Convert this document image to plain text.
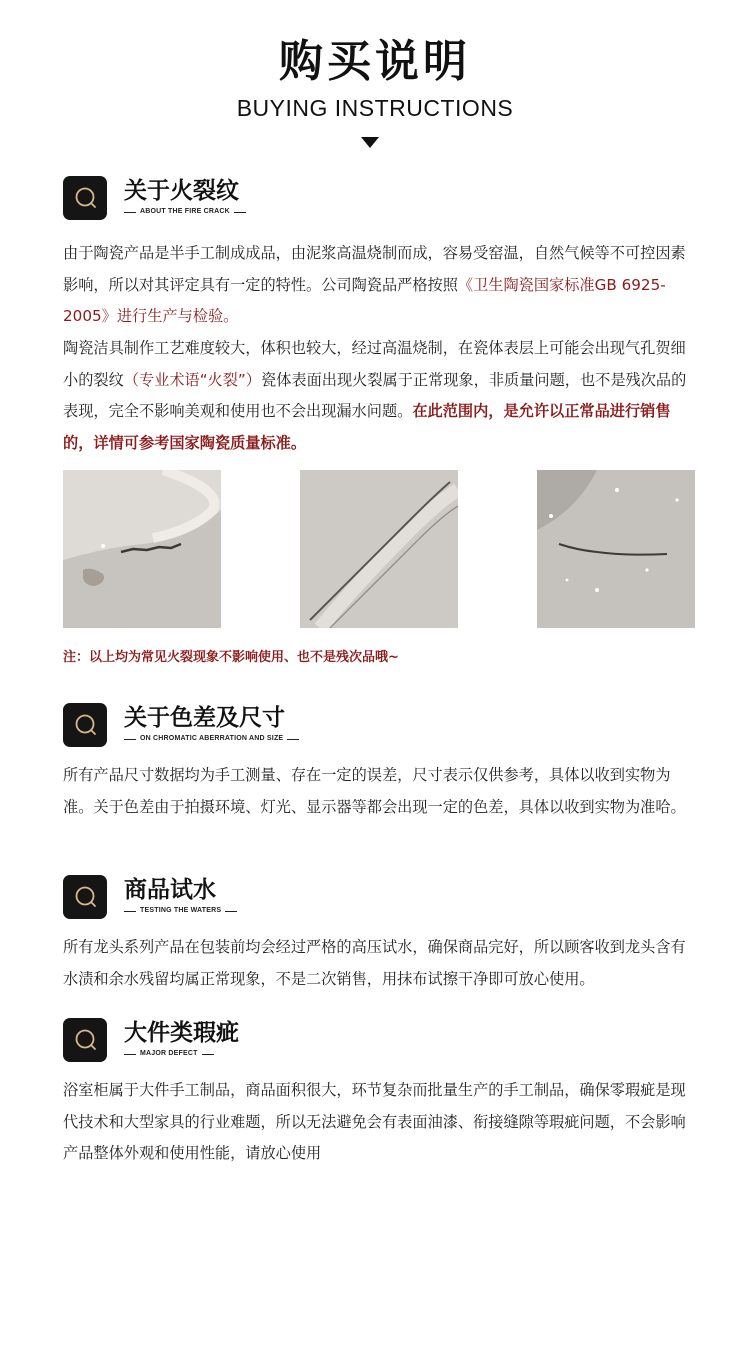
购买说明
BUYING INSTRUCTIONS
关于火裂纹
ABOUT THE FIRE CRACK
由于陶瓷产品是半手工制成成品，由泥浆高温烧制而成，容易受窑温，自然气候等不可控因素影响，所以对其评定具有一定的特性。公司陶瓷品严格按照《卫生陶瓷国家标准GB 6925-2005》进行生产与检验。
陶瓷洁具制作工艺难度较大，体积也较大，经过高温烧制，在瓷体表层上可能会出现气孔贺细小的裂纹（专业术语“火裂”）瓷体表面出现火裂属于正常现象，非质量问题，也不是残次品的表现，完全不影响美观和使用也不会出现漏水问题。在此范围内，是允许以正常品进行销售的，详情可参考国家陶瓷质量标准。
注：以上均为常见火裂现象不影响使用、也不是残次品哦~
关于色差及尺寸
ON CHROMATIC ABERRATION AND SIZE
所有产品尺寸数据均为手工测量、存在一定的误差，尺寸表示仅供参考，具体以收到实物为准。关于色差由于拍摄环境、灯光、显示器等都会出现一定的色差，具体以收到实物为准哈。
商品试水
TESTING THE WATERS
所有龙头系列产品在包装前均会经过严格的高压试水，确保商品完好，所以顾客收到龙头含有水渍和余水残留均属正常现象，不是二次销售，用抹布试擦干净即可放心使用。
大件类瑕疵
MAJOR DEFECT
浴室柜属于大件手工制品，商品面积很大，环节复杂而批量生产的手工制品，确保零瑕疵是现代技术和大型家具的行业难题，所以无法避免会有表面油漆、衔接缝隙等瑕疵问题，不会影响产品整体外观和使用性能，请放心使用
